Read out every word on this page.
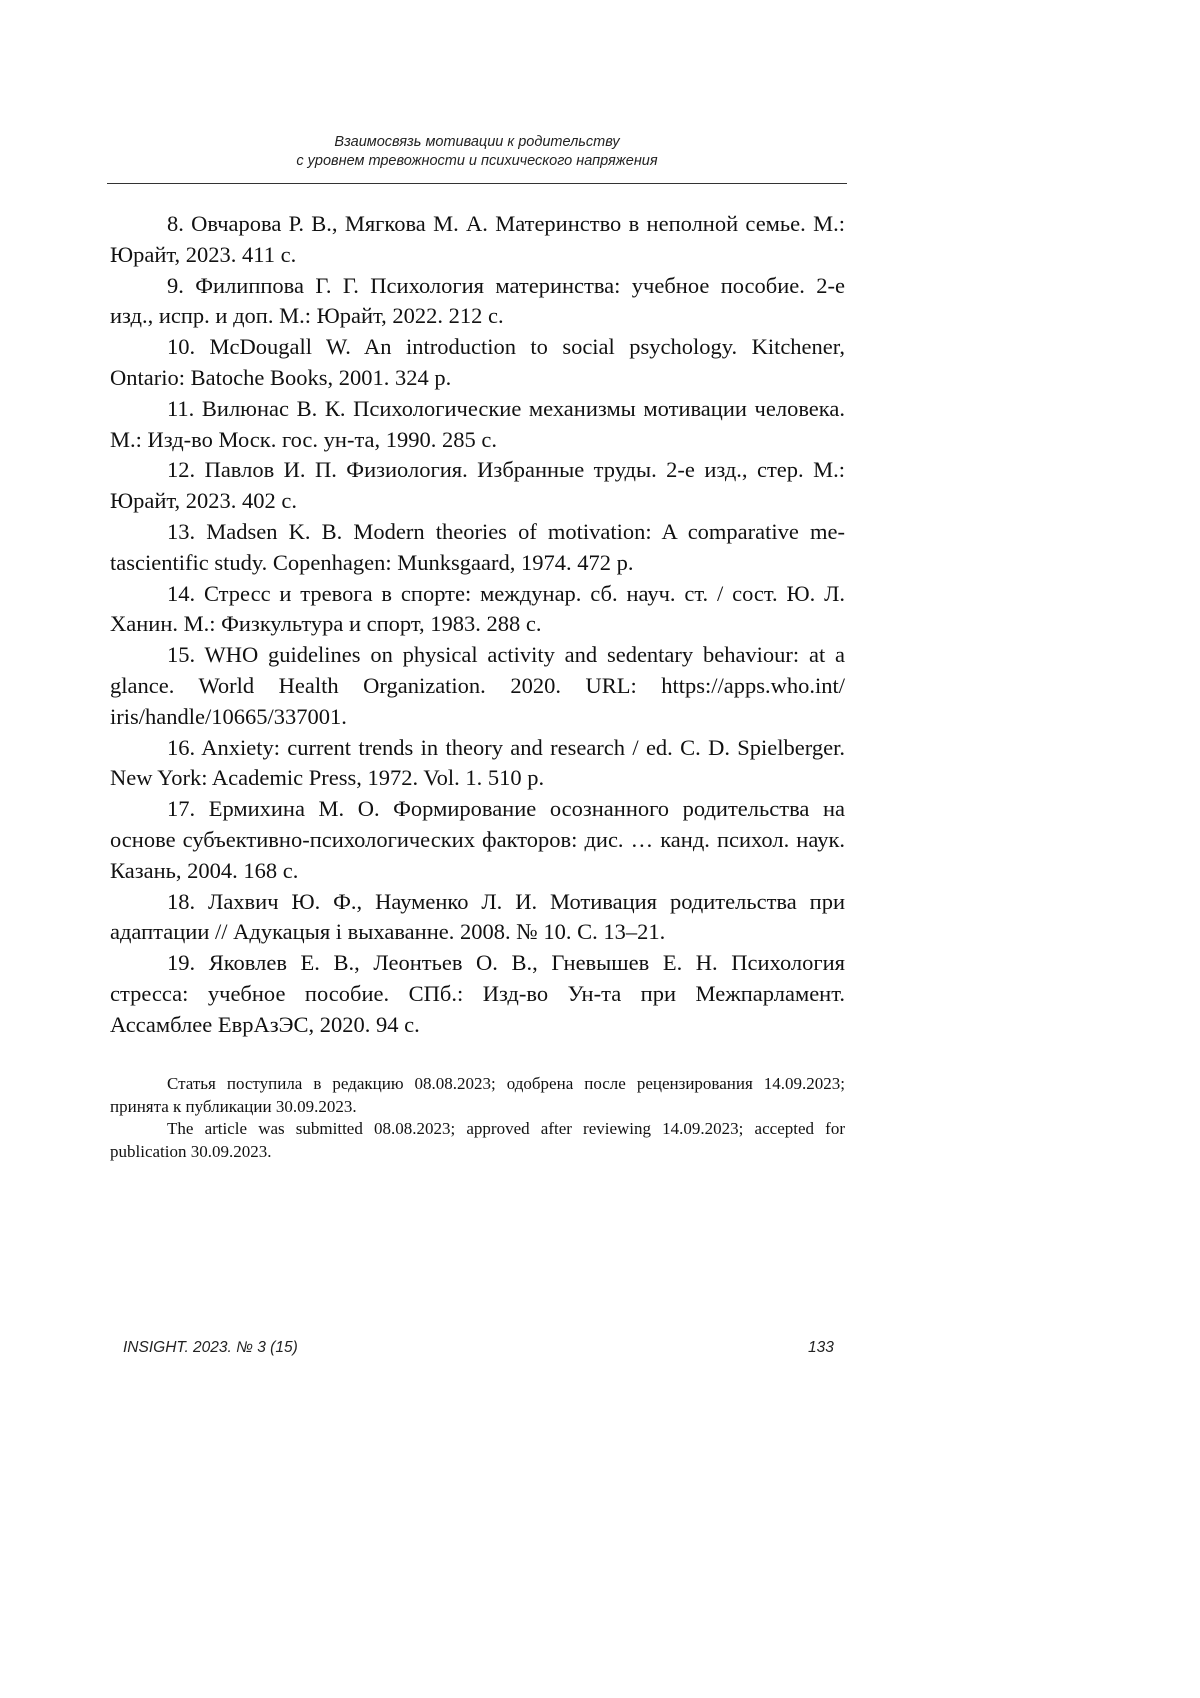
Взаимосвязь мотивации к родительству
с уровнем тревожности и психического напряжения

8. Овчарова Р. В., Мягкова М. А. Материнство в неполной семье. М.: Юрайт, 2023. 411 с.

9. Филиппова Г. Г. Психология материнства: учебное пособие. 2-е изд., испр. и доп. М.: Юрайт, 2022. 212 с.

10. McDougall W. An introduction to social psychology. Kitchener, Ontario: Batoche Books, 2001. 324 p.

11. Вилюнас В. К. Психологические механизмы мотивации человека. М.: Изд-во Моск. гос. ун-та, 1990. 285 с.

12. Павлов И. П. Физиология. Избранные труды. 2-е изд., стер. М.: Юрайт, 2023. 402 с.

13. Madsen K. B. Modern theories of motivation: A comparative metascientific study. Copenhagen: Munksgaard, 1974. 472 p.

14. Стресс и тревога в спорте: междунар. сб. науч. ст. / сост. Ю. Л. Ханин. М.: Физкультура и спорт, 1983. 288 с.

15. WHO guidelines on physical activity and sedentary behaviour: at a glance. World Health Organization. 2020. URL: https://apps.who.int/ iris/handle/10665/337001.

16. Anxiety: current trends in theory and research / ed. C. D. Spielberger. New York: Academic Press, 1972. Vol. 1. 510 p.

17. Ермихина М. О. Формирование осознанного родительства на основе субъективно-психологических факторов: дис. … канд. психол. наук. Казань, 2004. 168 с.

18. Лахвич Ю. Ф., Науменко Л. И. Мотивация родительства при адаптации // Адукацыя і выхаванне. 2008. № 10. С. 13–21.

19. Яковлев Е. В., Леонтьев О. В., Гневышев Е. Н. Психология стресса: учебное пособие. СПб.: Изд-во Ун-та при Межпарламент. Ассамблее ЕврАзЭС, 2020. 94 с.

Статья поступила в редакцию 08.08.2023; одобрена после рецензирования 14.09.2023; принята к публикации 30.09.2023.

The article was submitted 08.08.2023; approved after reviewing 14.09.2023; accepted for publication 30.09.2023.

INSIGHT. 2023. № 3 (15)	133
